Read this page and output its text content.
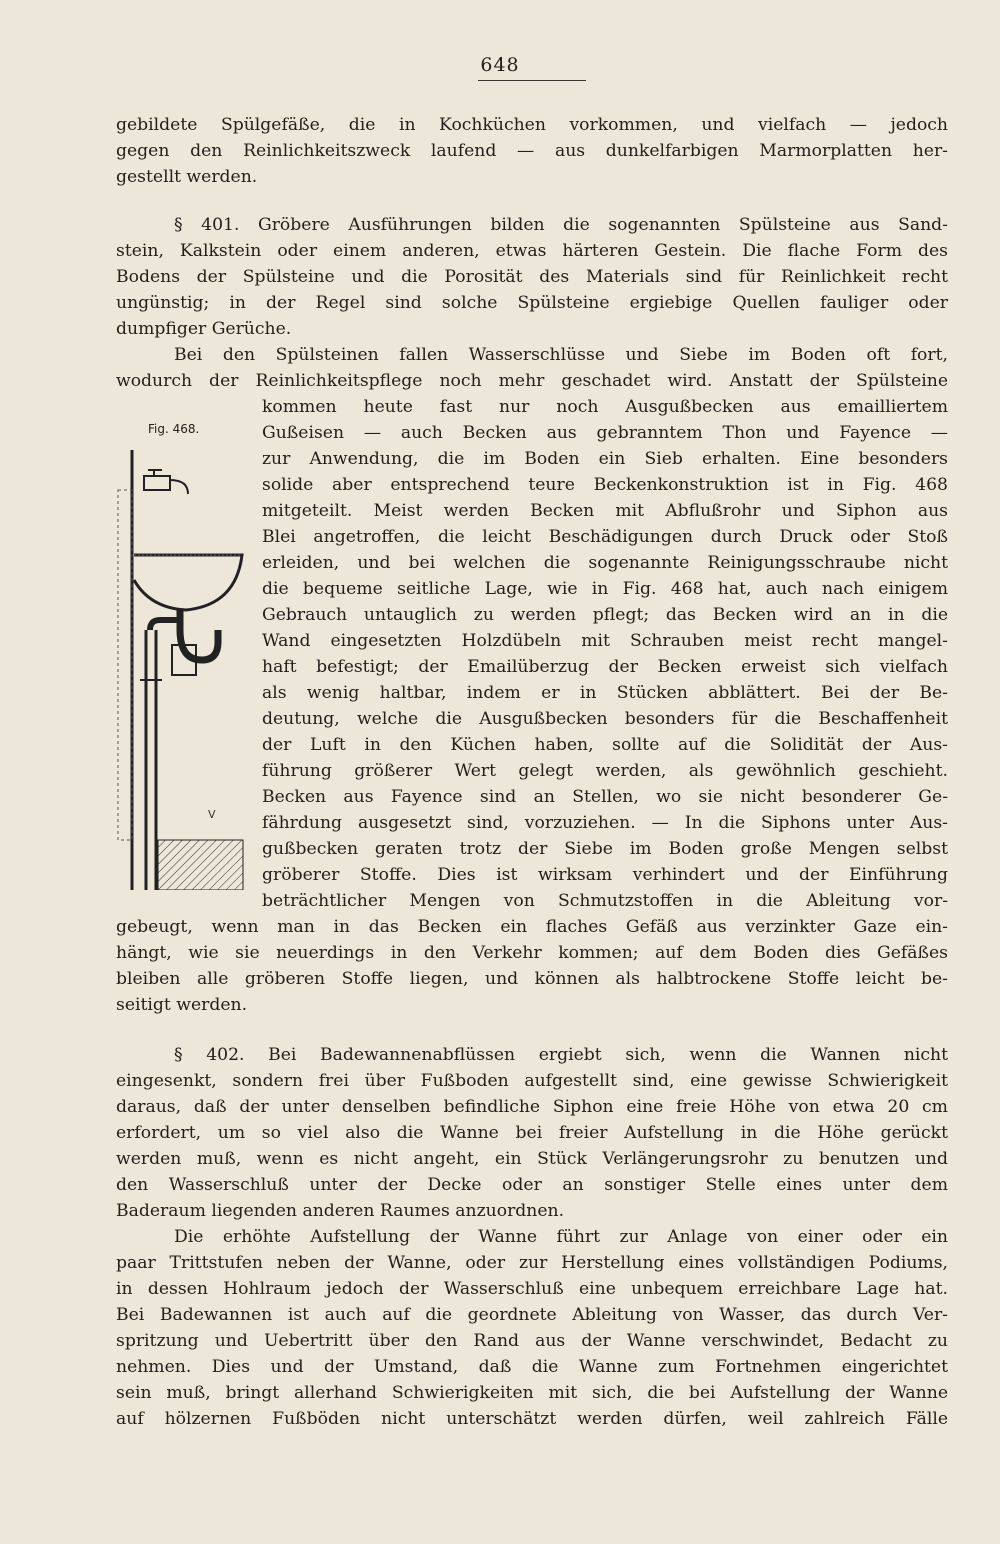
648
gebildete Spülgefäße, die in Kochküchen vorkommen, und vielfach — jedoch
gegen den Reinlichkeitszweck laufend — aus dunkelfarbigen Marmorplatten her-
gestellt werden.
§ 401. Gröbere Ausführungen bilden die sogenannten Spülsteine aus Sand-
stein, Kalkstein oder einem anderen, etwas härteren Gestein. Die flache Form des
Bodens der Spülsteine und die Porosität des Materials sind für Reinlichkeit recht
ungünstig; in der Regel sind solche Spülsteine ergiebige Quellen fauliger oder
dumpfiger Gerüche.
Bei den Spülsteinen fallen Wasserschlüsse und Siebe im Boden oft fort,
wodurch der Reinlichkeitspflege noch mehr geschadet wird. Anstatt der Spülsteine
kommen heute fast nur noch Ausgußbecken aus emailliertem
Gußeisen — auch Becken aus gebranntem Thon und Fayence —
zur Anwendung, die im Boden ein Sieb erhalten. Eine besonders
solide aber entsprechend teure Beckenkonstruktion ist in Fig. 468
mitgeteilt. Meist werden Becken mit Abflußrohr und Siphon aus
Blei angetroffen, die leicht Beschädigungen durch Druck oder Stoß
erleiden, und bei welchen die sogenannte Reinigungsschraube nicht
die bequeme seitliche Lage, wie in Fig. 468 hat, auch nach einigem
Gebrauch untauglich zu werden pflegt; das Becken wird an in die
Wand eingesetzten Holzdübeln mit Schrauben meist recht mangel-
haft befestigt; der Emailüberzug der Becken erweist sich vielfach
als wenig haltbar, indem er in Stücken abblättert. Bei der Be-
deutung, welche die Ausgußbecken besonders für die Beschaffenheit
der Luft in den Küchen haben, sollte auf die Solidität der Aus-
führung größerer Wert gelegt werden, als gewöhnlich geschieht.
Becken aus Fayence sind an Stellen, wo sie nicht besonderer Ge-
fährdung ausgesetzt sind, vorzuziehen. — In die Siphons unter Aus-
gußbecken geraten trotz der Siebe im Boden große Mengen selbst
gröberer Stoffe. Dies ist wirksam verhindert und der Einführung
beträchtlicher Mengen von Schmutzstoffen in die Ableitung vor-
gebeugt, wenn man in das Becken ein flaches Gefäß aus verzinkter Gaze ein-
hängt, wie sie neuerdings in den Verkehr kommen; auf dem Boden dies Gefäßes
bleiben alle gröberen Stoffe liegen, und können als halbtrockene Stoffe leicht be-
seitigt werden.
§ 402. Bei Badewannenabflüssen ergiebt sich, wenn die Wannen nicht
eingesenkt, sondern frei über Fußboden aufgestellt sind, eine gewisse Schwierigkeit
daraus, daß der unter denselben befindliche Siphon eine freie Höhe von etwa 20 cm
erfordert, um so viel also die Wanne bei freier Aufstellung in die Höhe gerückt
werden muß, wenn es nicht angeht, ein Stück Verlängerungsrohr zu benutzen und
den Wasserschluß unter der Decke oder an sonstiger Stelle eines unter dem
Baderaum liegenden anderen Raumes anzuordnen.
Die erhöhte Aufstellung der Wanne führt zur Anlage von einer oder ein
paar Trittstufen neben der Wanne, oder zur Herstellung eines vollständigen Podiums,
in dessen Hohlraum jedoch der Wasserschluß eine unbequem erreichbare Lage hat.
Bei Badewannen ist auch auf die geordnete Ableitung von Wasser, das durch Ver-
spritzung und Uebertritt über den Rand aus der Wanne verschwindet, Bedacht zu
nehmen. Dies und der Umstand, daß die Wanne zum Fortnehmen eingerichtet
sein muß, bringt allerhand Schwierigkeiten mit sich, die bei Aufstellung der Wanne
auf hölzernen Fußböden nicht unterschätzt werden dürfen, weil zahlreich Fälle
Fig. 468.
V
